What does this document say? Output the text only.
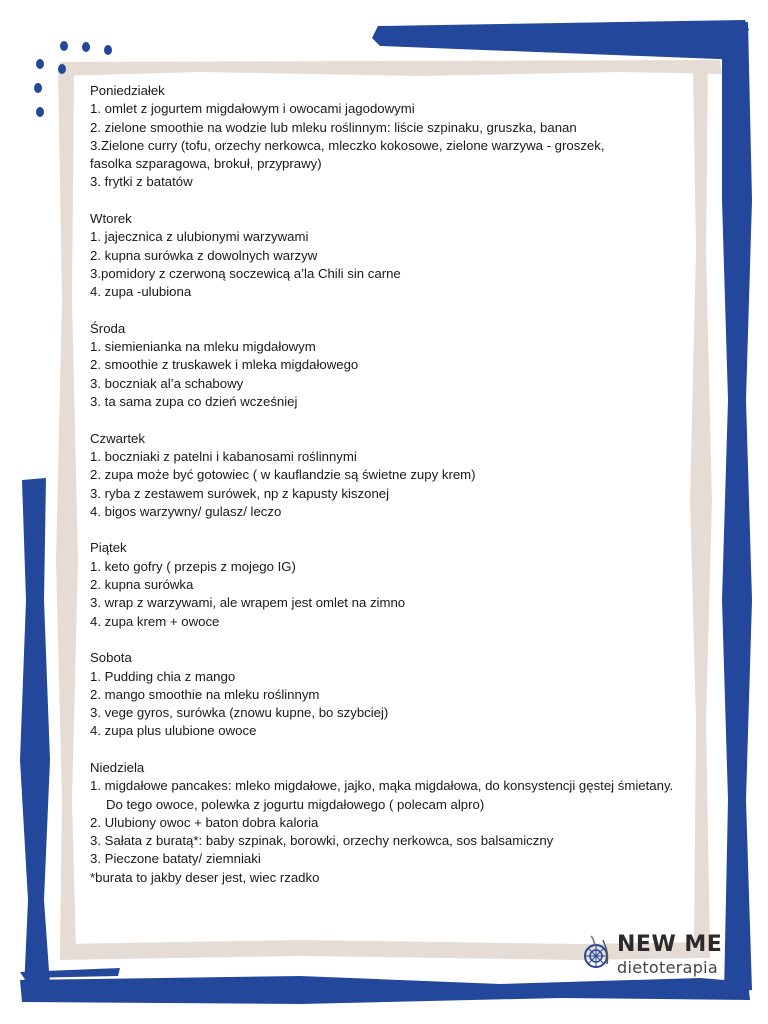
Poniedziałek
1. omlet z jogurtem migdałowym i owocami jagodowymi
2. zielone smoothie na wodzie lub mleku roślinnym: liście szpinaku, gruszka, banan
3.Zielone curry (tofu, orzechy nerkowca, mleczko kokosowe, zielone warzywa - groszek,
fasolka szparagowa, brokuł, przyprawy)
3. frytki z batatów
Wtorek
1. jajecznica z ulubionymi warzywami
2. kupna surówka z dowolnych warzyw
3.pomidory z czerwoną soczewicą a’la Chili sin carne
4. zupa -ulubiona
Środa
1. siemienianka na mleku migdałowym
2. smoothie z truskawek i mleka migdałowego
3. boczniak al’a schabowy
3. ta sama zupa co dzień wcześniej
Czwartek
1. boczniaki z patelni i kabanosami roślinnymi
2. zupa może być gotowiec ( w kauflandzie są świetne zupy krem)
3. ryba z zestawem surówek, np z kapusty kiszonej
4. bigos warzywny/ gulasz/ leczo
Piątek
1. keto gofry ( przepis z mojego IG)
2. kupna surówka
3. wrap z warzywami, ale wrapem jest omlet na zimno
4. zupa krem + owoce
Sobota
1. Pudding chia z mango
2. mango smoothie na mleku roślinnym
3. vege gyros, surówka (znowu kupne, bo szybciej)
4. zupa plus ulubione owoce
Niedziela
1. migdałowe pancakes: mleko migdałowe, jajko, mąka migdałowa, do konsystencji gęstej śmietany. Do tego owoce, polewka z jogurtu migdałowego ( polecam alpro)
2. Ulubiony owoc + baton dobra kaloria
3. Sałata z buratą*: baby szpinak, borowki, orzechy nerkowca, sos balsamiczny
3. Pieczone bataty/ ziemniaki
*burata to jakby deser jest, wiec rzadko
NEW ME
dietoterapia
